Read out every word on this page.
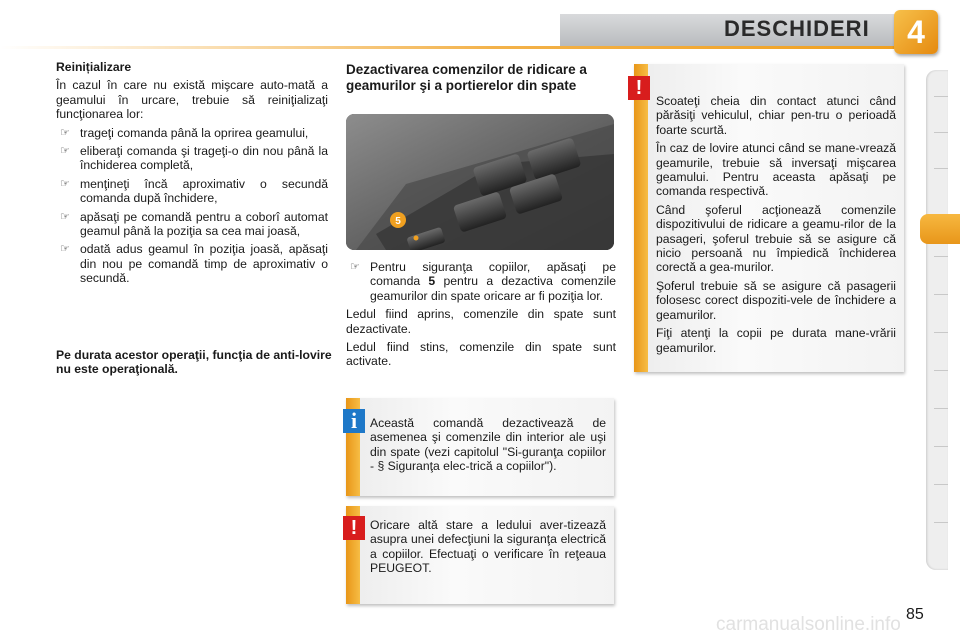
DESCHIDERI	4
Reinițializare

În cazul în care nu există mişcare auto-mată a geamului în urcare, trebuie să reiniţializaţi funcţionarea lor:

☞ trageţi comanda până la oprirea geamului,
☞ eliberaţi comanda şi trageţi-o din nou până la închiderea completă,
☞ menţineţi încă aproximativ o secundă comanda după închidere,
☞ apăsaţi pe comandă pentru a coborî automat geamul până la poziţia sa cea mai joasă,
☞ odată adus geamul în poziţia joasă, apăsaţi din nou pe comandă timp de aproximativ o secundă.
Pe durata acestor operaţii, funcţia de anti-lovire nu este operaţională.
Dezactivarea comenzilor de ridicare a geamurilor şi a portierelor din spate
5
☞ Pentru siguranţa copiilor, apăsaţi pe comanda 5 pentru a dezactiva comenzile geamurilor din spate oricare ar fi poziţia lor.

Ledul fiind aprins, comenzile din spate sunt dezactivate.

Ledul fiind stins, comenzile din spate sunt activate.

Această comandă dezactivează de asemenea şi comenzile din interior ale uşi din spate (vezi capitolul "Si-guranţa copiilor - § Siguranţa elec-trică a copiilor").
i
Oricare altă stare a ledului aver-tizează asupra unei defecţiuni la siguranţa electrică a copiilor. Efectuaţi o verificare în reţeaua PEUGEOT.
!

Scoateţi cheia din contact atunci când părăsiţi vehiculul, chiar pen-tru o perioadă foarte scurtă.

În caz de lovire atunci când se mane-vrează geamurile, trebuie să inversaţi mişcarea geamului. Pentru aceasta apăsaţi pe comanda respectivă.

Când şoferul acţionează comenzile dispozitivului de ridicare a geamu-rilor de la pasageri, şoferul trebuie să se asigure că nicio persoană nu împiedică închiderea corectă a gea-murilor.

Şoferul trebuie să se asigure că pasagerii folosesc corect dispoziti-vele de închidere a geamurilor.

Fiţi atenţi la copii pe durata mane-vrării geamurilor.

!
carmanualsonline.info 85
